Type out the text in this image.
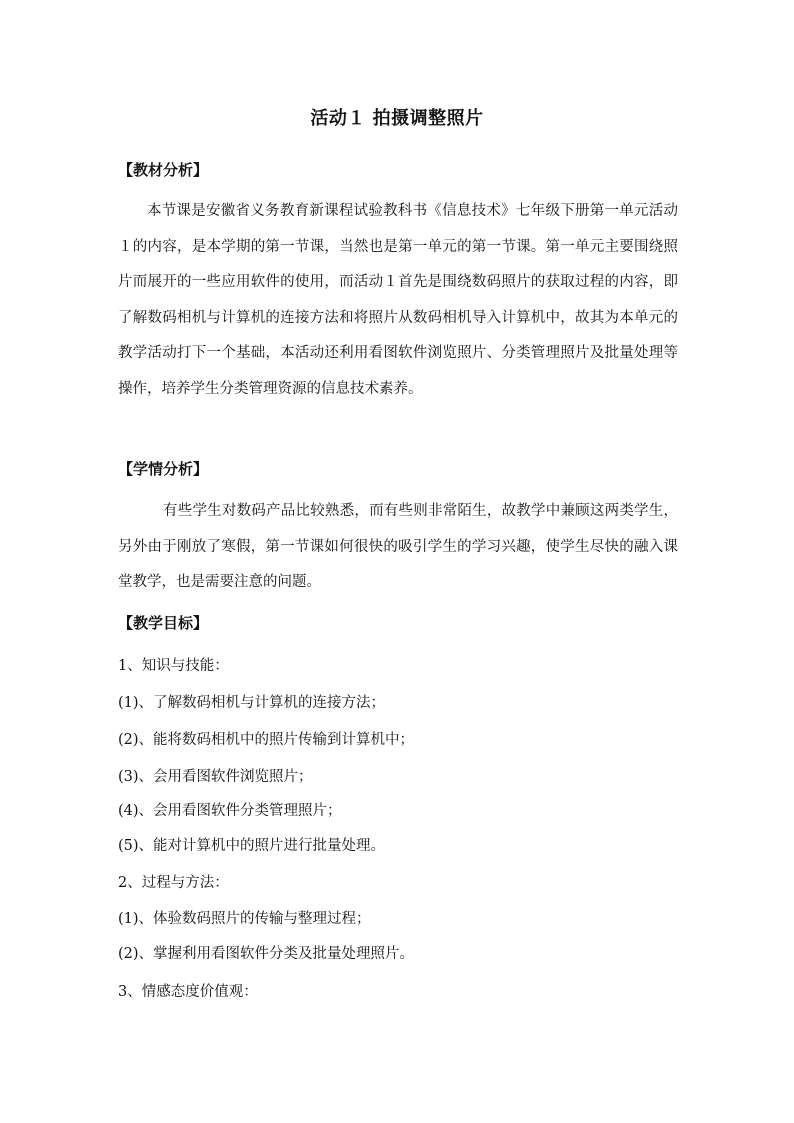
活动１ 拍摄调整照片
【教材分析】
本节课是安徽省义务教育新课程试验教科书《信息技术》七年级下册第一单元活动１的内容，是本学期的第一节课，当然也是第一单元的第一节课。第一单元主要围绕照片而展开的一些应用软件的使用，而活动１首先是围绕数码照片的获取过程的内容，即了解数码相机与计算机的连接方法和将照片从数码相机导入计算机中，故其为本单元的教学活动打下一个基础，本活动还利用看图软件浏览照片、分类管理照片及批量处理等操作，培养学生分类管理资源的信息技术素养。
【学情分析】
有些学生对数码产品比较熟悉，而有些则非常陌生，故教学中兼顾这两类学生，另外由于刚放了寒假，第一节课如何很快的吸引学生的学习兴趣，使学生尽快的融入课堂教学，也是需要注意的问题。
【教学目标】
1、知识与技能：
(1)、了解数码相机与计算机的连接方法；
(2)、能将数码相机中的照片传输到计算机中；
(3)、会用看图软件浏览照片；
(4)、会用看图软件分类管理照片；
(5)、能对计算机中的照片进行批量处理。
2、过程与方法：
(1)、体验数码照片的传输与整理过程；
(2)、掌握利用看图软件分类及批量处理照片。
3、情感态度价值观：
